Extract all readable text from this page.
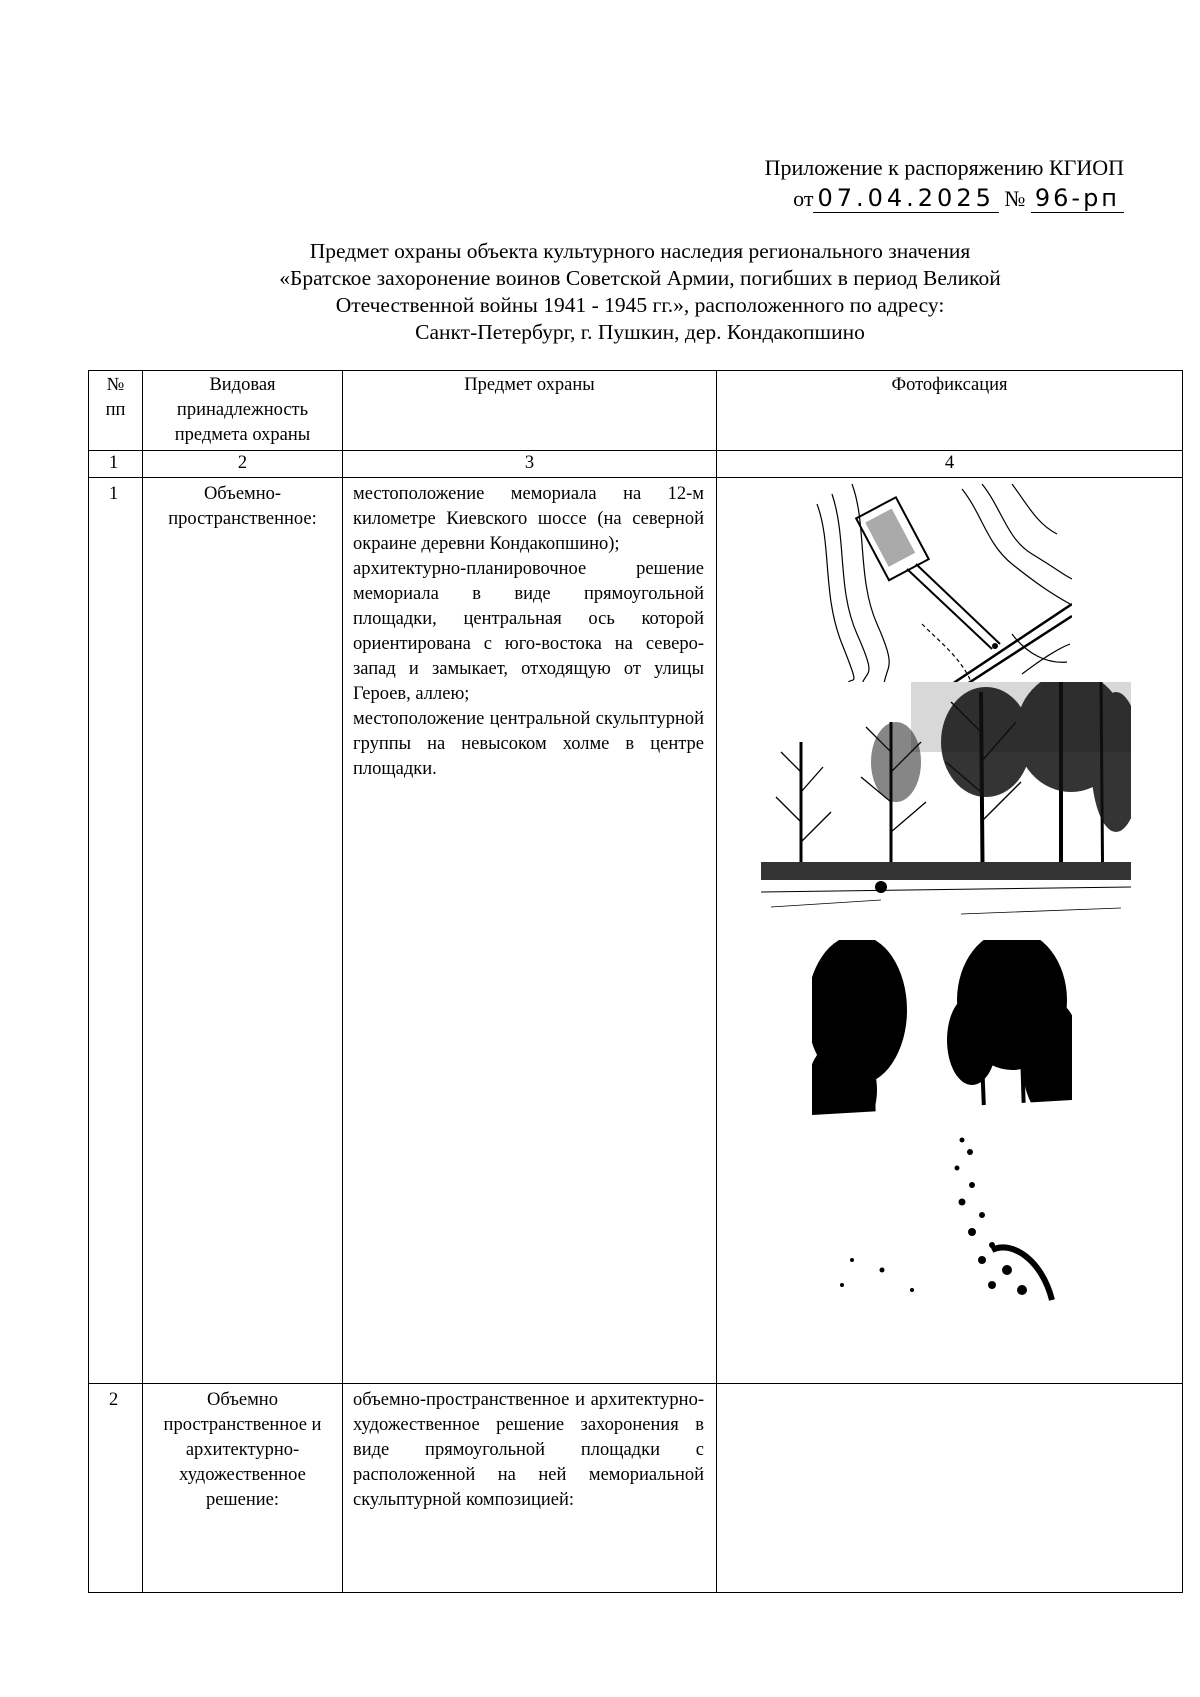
Приложение к распоряжению КГИОП
от 07.04.2025 № 96-рп
Предмет охраны объекта культурного наследия регионального значения
«Братское захоронение воинов Советской Армии, погибших в период Великой
Отечественной войны 1941 - 1945 гг.», расположенного по адресу:
Санкт-Петербург, г. Пушкин, дер. Кондакопшино
№ пп	Видовая принадлежность предмета охраны	Предмет охраны	Фотофиксация
1	2	3	4
1	Объемно-пространственное:	местоположение мемориала на 12-м километре Киевского шоссе (на северной окраине деревни Кондакопшино);
архитектурно-планировочное решение мемориала в виде прямоугольной площадки, центральная ось которой ориентирована с юго-востока на северо-запад и замыкает, отходящую от улицы Героев, аллею;
местоположение центральной скульптурной группы на невысоком холме в центре площадки.

2	Объемно пространственное и архитектурно-художественное решение:	объемно-пространственное и архитектурно-художественное решение захоронения в виде прямоугольной площадки с расположенной на ней мемориальной скульптурной композицией:	
